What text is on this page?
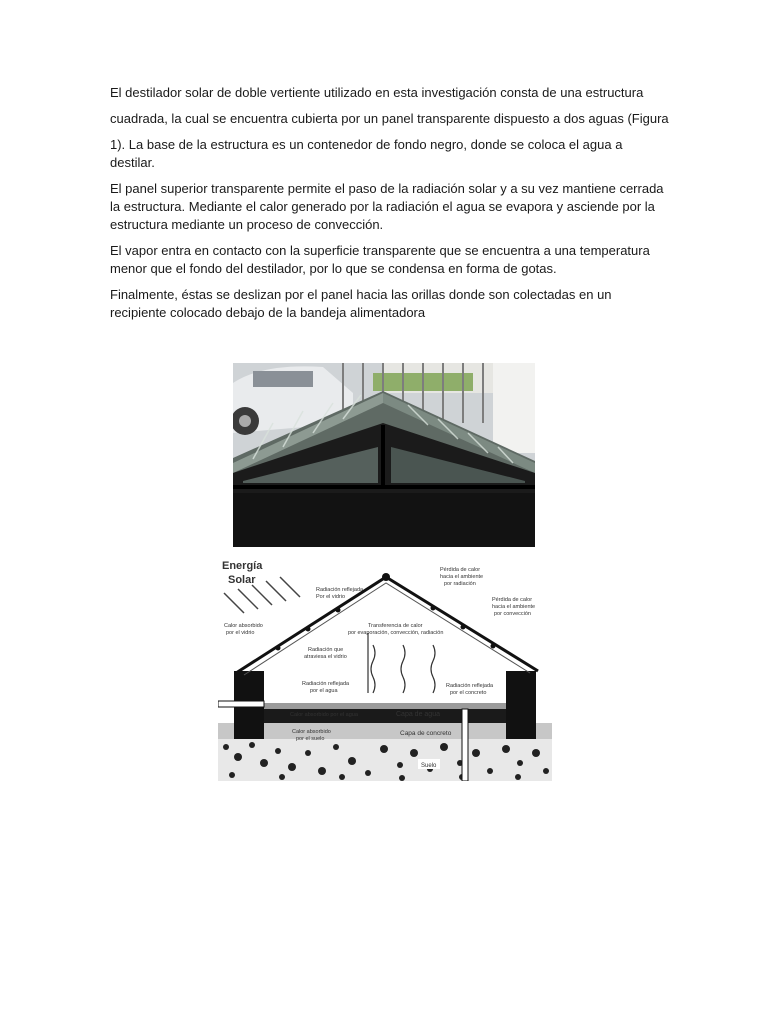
El destilador solar de doble vertiente utilizado en esta investigación consta de una estructura

cuadrada, la cual se encuentra cubierta por un panel transparente dispuesto a dos aguas (Figura

1). La base de la estructura es un contenedor de fondo negro, donde se coloca el agua a destilar.

El panel superior transparente permite el paso de la radiación solar y a su vez mantiene cerrada la estructura. Mediante el calor generado por la radiación el agua se evapora y asciende por la estructura mediante un proceso de convección.

El vapor entra en contacto con la superficie transparente que se encuentra a una temperatura menor que el fondo del destilador, por lo que se condensa en forma de gotas.

Finalmente, éstas se deslizan por el panel hacia las orillas donde son colectadas en un recipiente colocado debajo de la bandeja alimentadora

Energía
Solar
Radiación reflejada
Por el vidrio
Pérdida de calor
hacia el ambiente
por radiación
Pérdida de calor
hacia el ambiente
por convección
Calor absorbido
por el vidrio
Transferencia de calor
por evaporación, convección, radiación
Radiación que
atraviesa el vidrio
Radiación reflejada
por el agua
Radiación reflejada
por el concreto
Calor absorbido por el agua	Capa de agua
Capa de concreto
Calor absorbido
por el suelo
Suelo
